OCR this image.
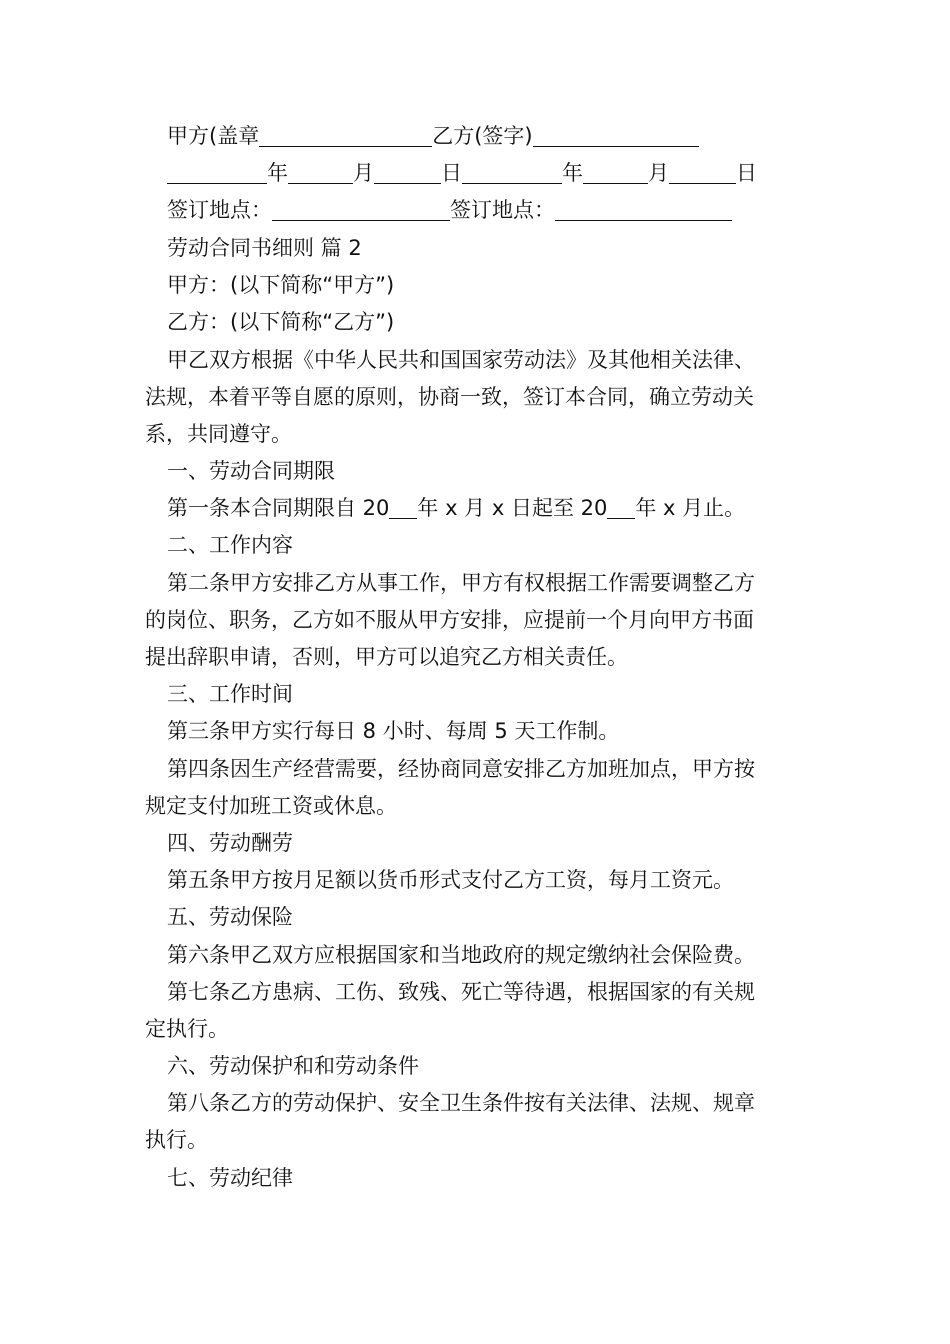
甲方(盖章	乙方(签字)
年	月	日	年	月	日
签订地点：	签订地点：
劳动合同书细则 篇 2
甲方：(以下简称“甲方”)
乙方：(以下简称“乙方”)
甲乙双方根据《中华人民共和国国家劳动法》及其他相关法律、
法规，本着平等自愿的原则，协商一致，签订本合同，确立劳动关
系，共同遵守。
一、劳动合同期限
第一条本合同期限自 20 年 x 月 x 日起至 20 年 x 月止。
二、工作内容
第二条甲方安排乙方从事工作，甲方有权根据工作需要调整乙方
的岗位、职务，乙方如不服从甲方安排，应提前一个月向甲方书面
提出辞职申请，否则，甲方可以追究乙方相关责任。
三、工作时间
第三条甲方实行每日 8 小时、每周 5 天工作制。
第四条因生产经营需要，经协商同意安排乙方加班加点，甲方按
规定支付加班工资或休息。
四、劳动酬劳
第五条甲方按月足额以货币形式支付乙方工资，每月工资元。
五、劳动保险
第六条甲乙双方应根据国家和当地政府的规定缴纳社会保险费。
第七条乙方患病、工伤、致残、死亡等待遇，根据国家的有关规
定执行。
六、劳动保护和和劳动条件
第八条乙方的劳动保护、安全卫生条件按有关法律、法规、规章
执行。
七、劳动纪律
